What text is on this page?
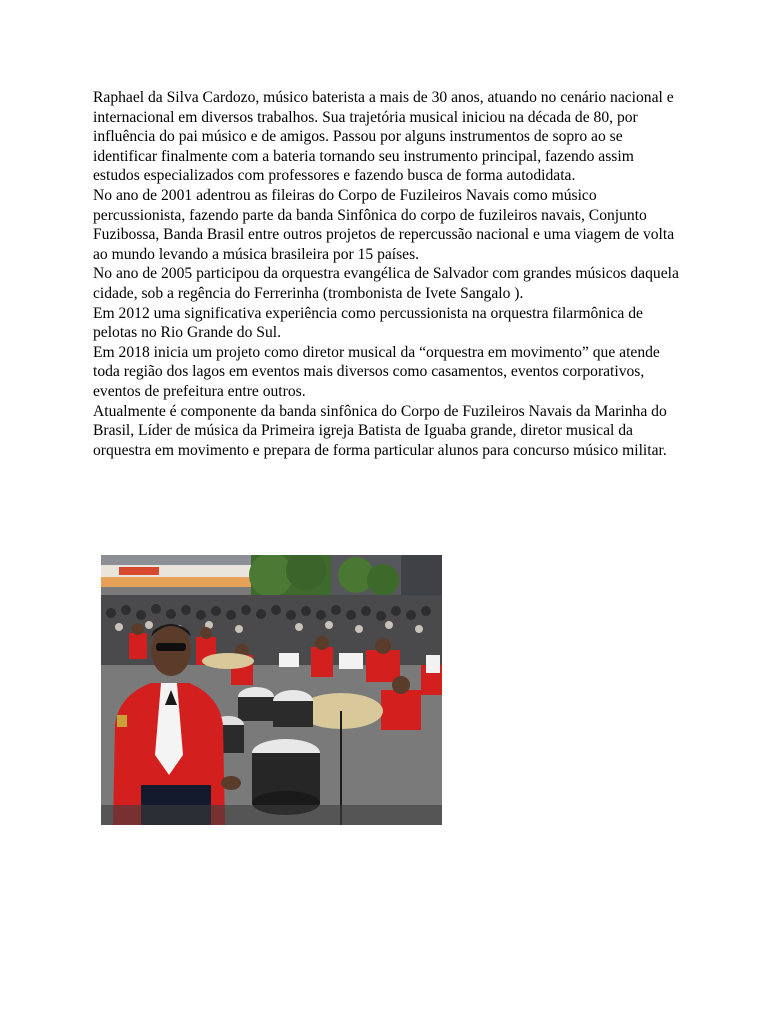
Raphael da Silva Cardozo, músico baterista a mais de 30 anos, atuando no cenário nacional e internacional em diversos trabalhos. Sua trajetória musical iniciou na década de 80, por influência do pai músico e de amigos. Passou por alguns instrumentos de sopro ao se identificar finalmente com a bateria tornando seu instrumento principal, fazendo assim estudos especializados com professores e fazendo busca de forma autodidata.

No ano de 2001 adentrou as fileiras do Corpo de Fuzileiros Navais como músico percussionista, fazendo parte da banda Sinfônica do corpo de fuzileiros navais, Conjunto Fuzibossa, Banda Brasil entre outros projetos de repercussão nacional e uma viagem de volta ao mundo levando a música brasileira por 15 países.

No ano de 2005 participou da orquestra evangélica de Salvador com grandes músicos daquela cidade, sob a regência do Ferrerinha (trombonista de Ivete Sangalo ).

Em 2012 uma significativa experiência como percussionista na orquestra filarmônica de pelotas no Rio Grande do Sul.

Em 2018 inicia um projeto como diretor musical da “orquestra em movimento” que atende toda região dos lagos em eventos mais diversos como casamentos, eventos corporativos, eventos de prefeitura entre outros.

Atualmente é componente da banda sinfônica do Corpo de Fuzileiros Navais da Marinha do Brasil, Líder de música da Primeira igreja Batista de Iguaba grande, diretor musical da orquestra em movimento e prepara de forma particular alunos para concurso músico militar.
